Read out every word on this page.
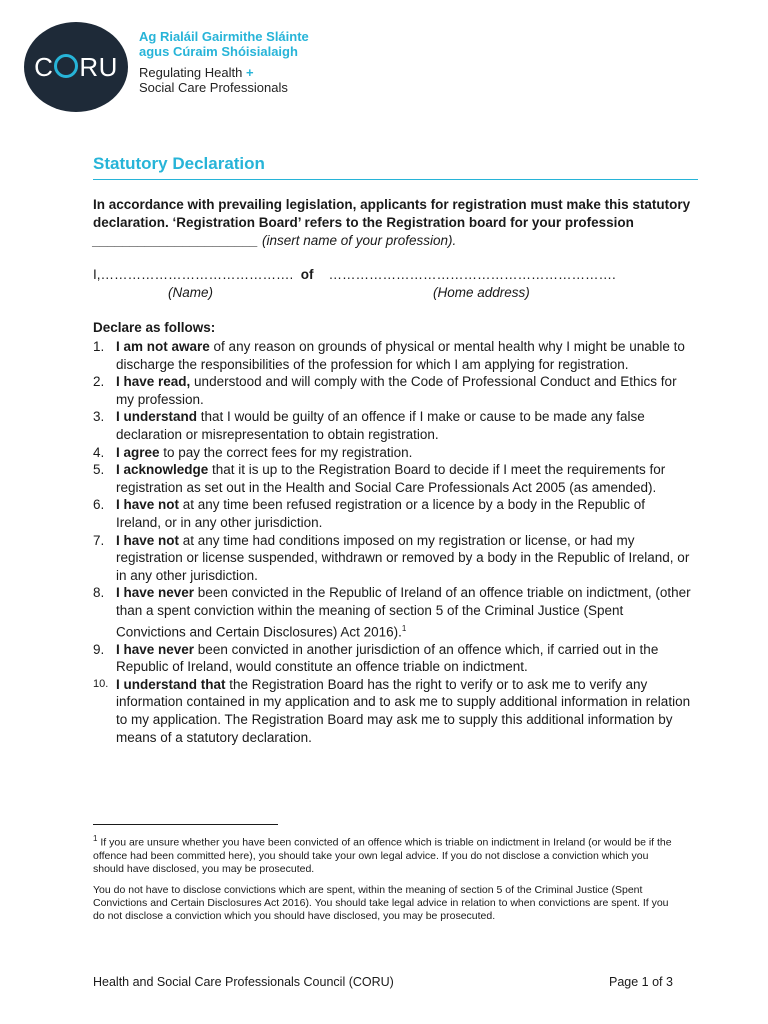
C RU
Ag Rialáil Gairmithe Sláinte
agus Cúraim Shóisialaigh
Regulating Health +
Social Care Professionals
Statutory Declaration
In accordance with prevailing legislation, applicants for registration must make this statutory declaration. ‘Registration Board’ refers to the Registration board for your profession ______________________ (insert name of your profession).
I,……………………………………. of ……………………………………………………….
(Name)	(Home address)
Declare as follows:
1. I am not aware of any reason on grounds of physical or mental health why I might be unable to discharge the responsibilities of the profession for which I am applying for registration.
2. I have read, understood and will comply with the Code of Professional Conduct and Ethics for my profession.
3. I understand that I would be guilty of an offence if I make or cause to be made any false declaration or misrepresentation to obtain registration.
4. I agree to pay the correct fees for my registration.
5. I acknowledge that it is up to the Registration Board to decide if I meet the requirements for registration as set out in the Health and Social Care Professionals Act 2005 (as amended).
6. I have not at any time been refused registration or a licence by a body in the Republic of Ireland, or in any other jurisdiction.
7. I have not at any time had conditions imposed on my registration or license, or had my registration or license suspended, withdrawn or removed by a body in the Republic of Ireland, or in any other jurisdiction.
8. I have never been convicted in the Republic of Ireland of an offence triable on indictment, (other than a spent conviction within the meaning of section 5 of the Criminal Justice (Spent Convictions and Certain Disclosures) Act 2016).$^1$
9. I have never been convicted in another jurisdiction of an offence which, if carried out in the Republic of Ireland, would constitute an offence triable on indictment.
10. I understand that the Registration Board has the right to verify or to ask me to verify any information contained in my application and to ask me to supply additional information in relation to my application. The Registration Board may ask me to supply this additional information by means of a statutory declaration.
$^1$ If you are unsure whether you have been convicted of an offence which is triable on indictment in Ireland (or would be if the offence had been committed here), you should take your own legal advice. If you do not disclose a conviction which you should have disclosed, you may be prosecuted.
You do not have to disclose convictions which are spent, within the meaning of section 5 of the Criminal Justice (Spent Convictions and Certain Disclosures Act 2016). You should take legal advice in relation to when convictions are spent. If you do not disclose a conviction which you should have disclosed, you may be prosecuted.
Health and Social Care Professionals Council (CORU)	Page 1 of 3
